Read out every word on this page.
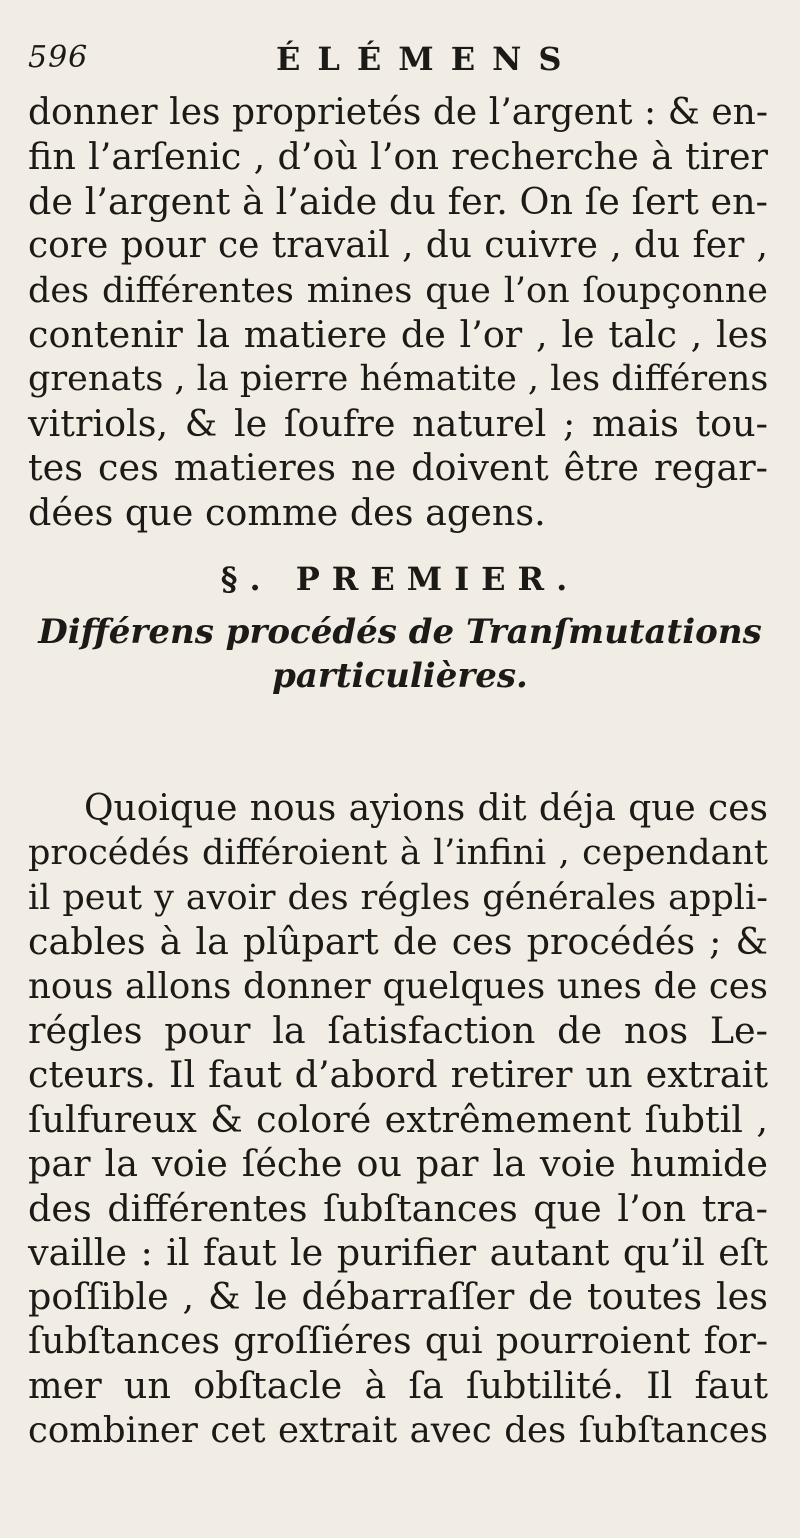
596	ÉLÉMENS

donner les proprietés de l’argent : & en-
fin l’arſenic , d’où l’on recherche à tirer
de l’argent à l’aide du fer. On ſe ſert en-
core pour ce travail , du cuivre , du fer ,
des différentes mines que l’on ſoupçonne
contenir la matiere de l’or , le talc , les
grenats , la pierre hématite , les différens
vitriols, & le ſoufre naturel ; mais tou-
tes ces matieres ne doivent être regar-
dées que comme des agens.

§. PREMIER.
Différens procédés de Tranſmutations
particulières.

Quoique nous ayions dit déja que ces
procédés différoient à l’infini , cependant
il peut y avoir des régles générales appli-
cables à la plûpart de ces procédés ; &
nous allons donner quelques unes de ces
régles pour la ſatisfaction de nos Le-
cteurs. Il faut d’abord retirer un extrait
ſulfureux & coloré extrêmement ſubtil ,
par la voie ſéche ou par la voie humide
des différentes ſubſtances que l’on tra-
vaille : il faut le purifier autant qu’il eſt
poſſible , & le débarraſſer de toutes les
ſubſtances groſſiéres qui pourroient for-
mer un obſtacle à ſa ſubtilité. Il faut
combiner cet extrait avec des ſubſtances
